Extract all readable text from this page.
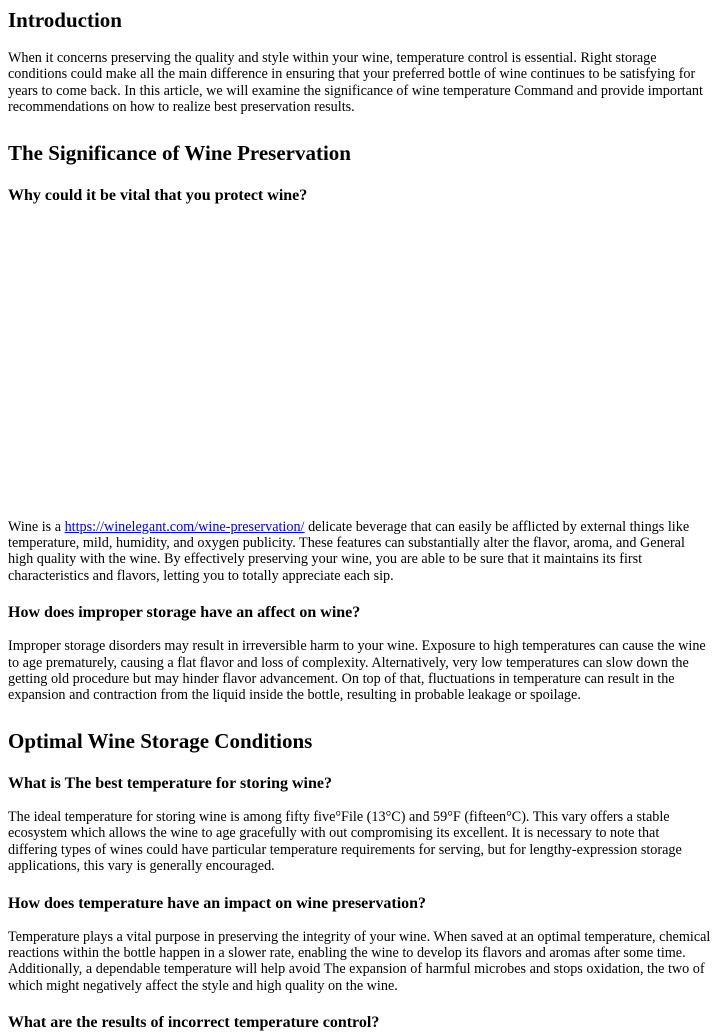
Introduction

When it concerns preserving the quality and style within your wine, temperature control is essential. Right storage conditions could make all the main difference in ensuring that your preferred bottle of wine continues to be satisfying for years to come back. In this article, we will examine the significance of wine temperature Command and provide important recommendations on how to realize best preservation results.

The Significance of Wine Preservation
Why could it be vital that you protect wine?

Wine is a https://winelegant.com/wine-preservation/ delicate beverage that can easily be afflicted by external things like temperature, mild, humidity, and oxygen publicity. These features can substantially alter the flavor, aroma, and General high quality with the wine. By effectively preserving your wine, you are able to be sure that it maintains its first characteristics and flavors, letting you to totally appreciate each sip.

How does improper storage have an affect on wine?

Improper storage disorders may result in irreversible harm to your wine. Exposure to high temperatures can cause the wine to age prematurely, causing a flat flavor and loss of complexity. Alternatively, very low temperatures can slow down the getting old procedure but may hinder flavor advancement. On top of that, fluctuations in temperature can result in the expansion and contraction from the liquid inside the bottle, resulting in probable leakage or spoilage.

Optimal Wine Storage Conditions
What is The best temperature for storing wine?

The ideal temperature for storing wine is among fifty five°File (13°C) and 59°F (fifteen°C). This vary offers a stable ecosystem which allows the wine to age gracefully with out compromising its excellent. It is necessary to note that differing types of wines could have particular temperature requirements for serving, but for lengthy-expression storage applications, this vary is generally encouraged.

How does temperature have an impact on wine preservation?

Temperature plays a vital purpose in preserving the integrity of your wine. When saved at an optimal temperature, chemical reactions within the bottle happen in a slower rate, enabling the wine to develop its flavors and aromas after some time. Additionally, a dependable temperature will help avoid The expansion of harmful microbes and stops oxidation, the two of which might negatively affect the style and high quality on the wine.

What are the results of incorrect temperature control?
